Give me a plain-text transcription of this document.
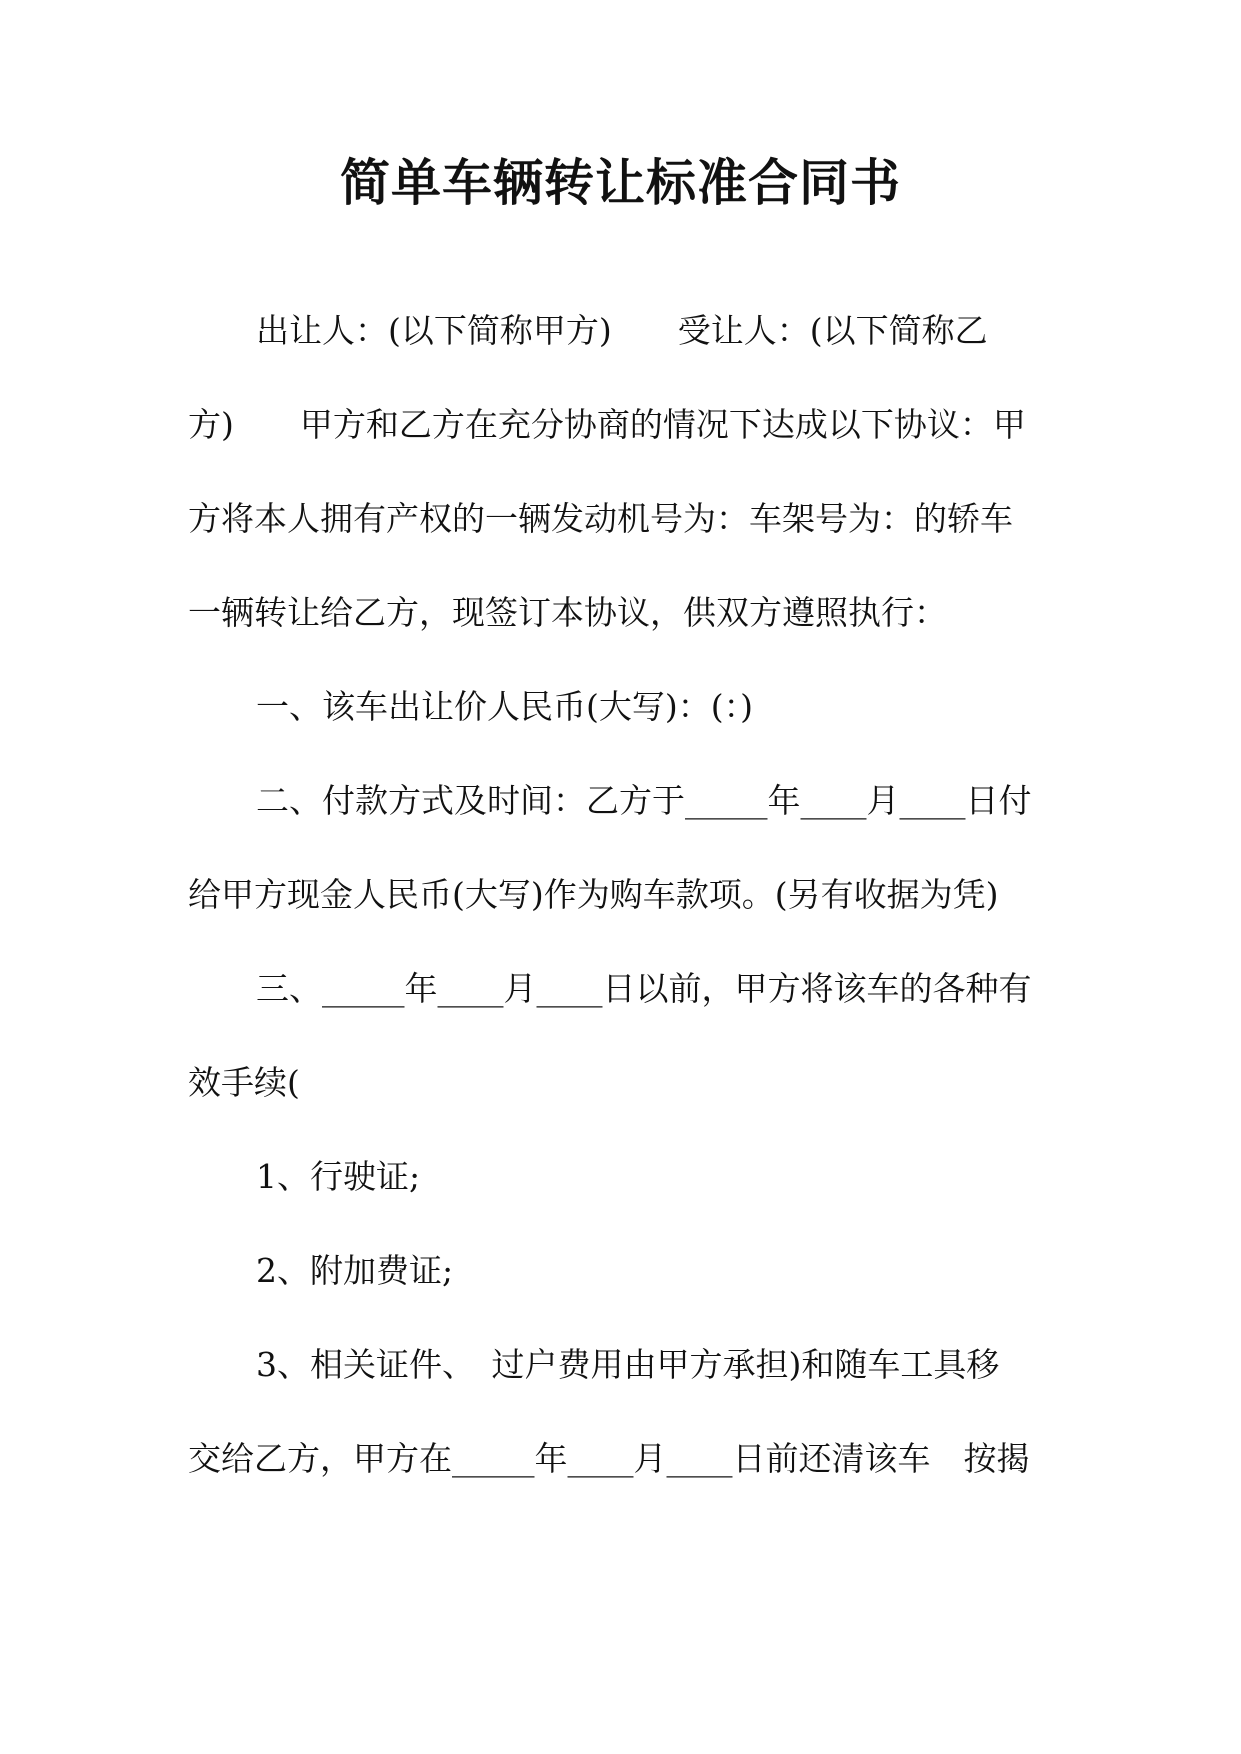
简单车辆转让标准合同书
出让人：(以下简称甲方)　　受让人：(以下简称乙
方)　　甲方和乙方在充分协商的情况下达成以下协议：甲
方将本人拥有产权的一辆发动机号为：车架号为：的轿车
一辆转让给乙方，现签订本协议，供双方遵照执行：
一、该车出让价人民币(大写)：(：)
二、付款方式及时间：乙方于_____年____月____日付
给甲方现金人民币(大写)作为购车款项。(另有收据为凭)
三、_____年____月____日以前，甲方将该车的各种有
效手续(
1、行驶证;
2、附加费证;
3、相关证件、　过户费用由甲方承担)和随车工具移
交给乙方，甲方在_____年____月____日前还清该车　按揭
